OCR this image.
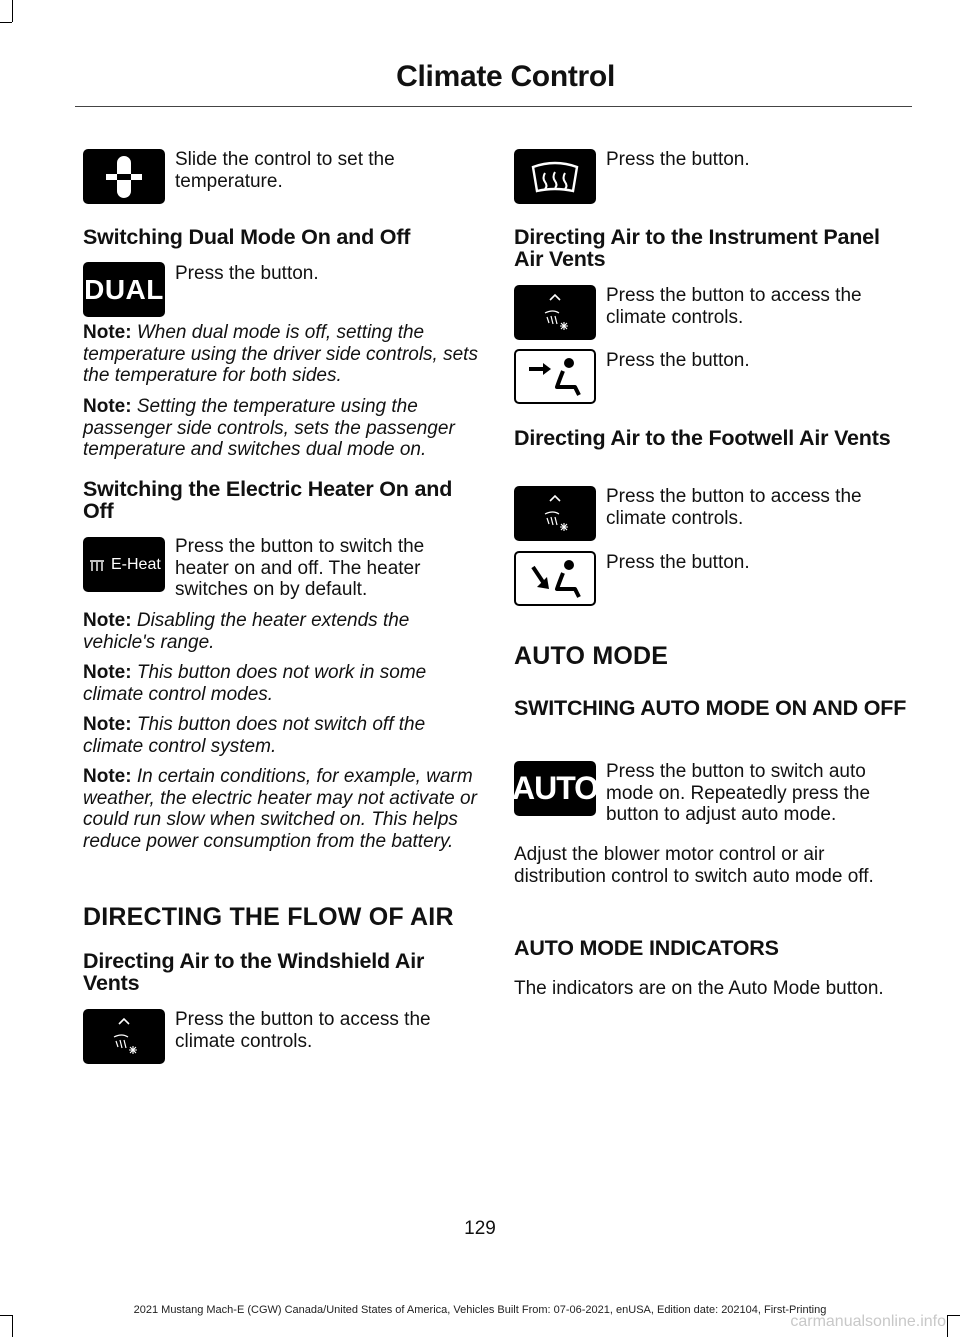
Climate Control
Slide the control to set the temperature.
Switching Dual Mode On and Off
DUAL Press the button.
Note: When dual mode is off, setting the temperature using the driver side controls, sets the temperature for both sides.
Note: Setting the temperature using the passenger side controls, sets the passenger temperature and switches dual mode on.
Switching the Electric Heater On and Off
E-Heat
Press the button to switch the heater on and off. The heater switches on by default.
Note: Disabling the heater extends the vehicle's range.
Note: This button does not work in some climate control modes.
Note: This button does not switch off the climate control system.
Note: In certain conditions, for example, warm weather, the electric heater may not activate or could run slow when switched on. This helps reduce power consumption from the battery.
DIRECTING THE FLOW OF AIR
Directing Air to the Windshield Air Vents
Press the button to access the climate controls.
Press the button.
Directing Air to the Instrument Panel Air Vents
Press the button to access the climate controls.
Press the button.
Directing Air to the Footwell Air Vents
Press the button to access the climate controls.
Press the button.
AUTO MODE
SWITCHING AUTO MODE ON AND OFF
AUTO Press the button to switch auto mode on. Repeatedly press the button to adjust auto mode.
Adjust the blower motor control or air distribution control to switch auto mode off.
AUTO MODE INDICATORS
The indicators are on the Auto Mode button.
129
2021 Mustang Mach-E (CGW) Canada/United States of America, Vehicles Built From: 07-06-2021, enUSA, Edition date: 202104, First-Printing
carmanualsonline.info
